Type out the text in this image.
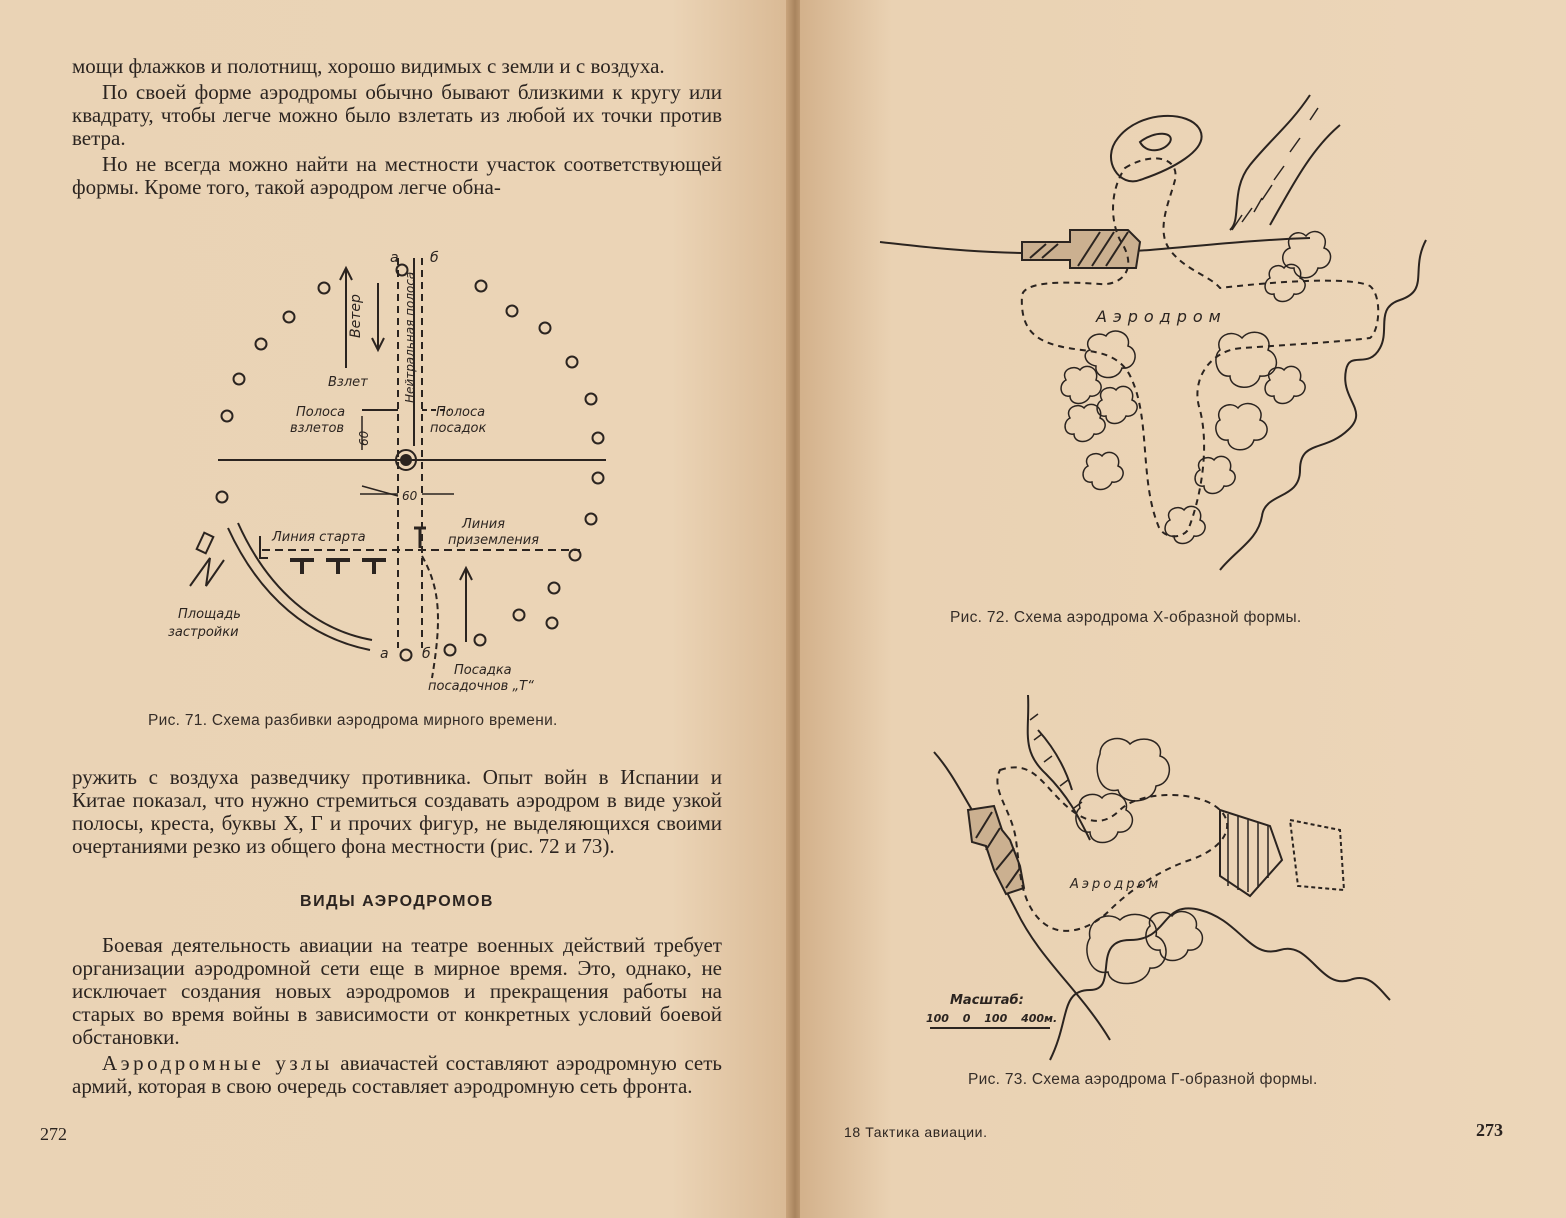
мощи флажков и полотнищ, хорошо видимых с земли и с воздуха.

По своей форме аэродромы обычно бывают близкими к кругу или квадрату, чтобы легче можно было взлетать из любой их точки против ветра.

Но не всегда можно найти на местности участок соответствующей формы. Кроме того, такой аэродром легче обна-

а б
Ветер	Нейтральная полоса
Взлет
Полоса
взлетов
Полоса
посадок
60
60
Линия старта
Линия
приземления
Площадь
застройки
а б
Посадка
посадочнов „Т“
Рис. 71. Схема разбивки аэродрома мирного времени.

ружить с воздуха разведчику противника. Опыт войн в Испании и Китае показал, что нужно стремиться создавать аэродром в виде узкой полосы, креста, буквы Х, Г и прочих фигур, не выделяющихся своими очертаниями резко из общего фона местности (рис. 72 и 73).

ВИДЫ АЭРОДРОМОВ

Боевая деятельность авиации на театре военных действий требует организации аэродромной сети еще в мирное время. Это, однако, не исключает создания новых аэродромов и прекращения работы на старых во время войны в зависимости от конкретных условий боевой обстановки.

Аэродромные узлы авиачастей составляют аэродромную сеть армий, которая в свою очередь составляет аэродромную сеть фронта.

272
Аэродром
Рис. 72. Схема аэродрома Х-образной формы.
Аэродром
Масштаб:
100 0 100 400м.
Рис. 73. Схема аэродрома Г-образной формы.
18 Тактика авиации.	273
